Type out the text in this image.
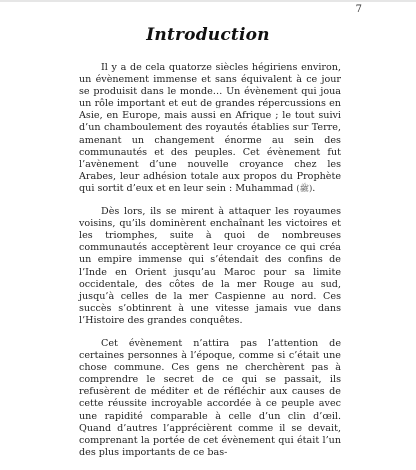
7
Introduction

Il y a de cela quatorze siècles hégiriens environ, un évènement immense et sans équivalent à ce jour se produisit dans le monde… Un évènement qui joua un rôle important et eut de grandes répercussions en Asie, en Europe, mais aussi en Afrique ; le tout suivi d’un chamboulement des royautés établies sur Terre, amenant un changement énorme au sein des communautés et des peuples. Cet évènement fut l’avènement d’une nouvelle croyance chez les Arabes, leur adhésion totale aux propos du Prophète qui sortit d’eux et en leur sein : Muhammad (ﷺ).

Dès lors, ils se mirent à attaquer les royaumes voisins, qu’ils dominèrent enchaînant les victoires et les triomphes, suite à quoi de nombreuses communautés acceptèrent leur croyance ce qui créa un empire immense qui s’étendait des confins de l’Inde en Orient jusqu’au Maroc pour sa limite occidentale, des côtes de la mer Rouge au sud, jusqu’à celles de la mer Caspienne au nord. Ces succès s’obtinrent à une vitesse jamais vue dans l’Histoire des grandes conquêtes.

Cet évènement n’attira pas l’attention de certaines personnes à l’époque, comme si c’était une chose commune. Ces gens ne cherchèrent pas à comprendre le secret de ce qui se passait, ils refusèrent de méditer et de réfléchir aux causes de cette réussite incroyable accordée à ce peuple avec une rapidité comparable à celle d’un clin d’œil. Quand d’autres l’apprécièrent comme il se devait, comprenant la portée de cet évènement qui était l’un des plus importants de ce bas-
